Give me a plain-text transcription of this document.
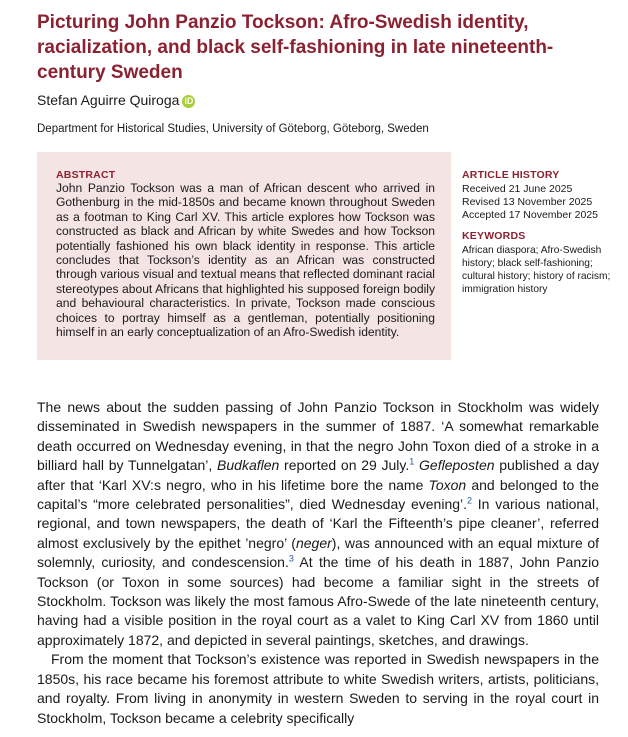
Picturing John Panzio Tockson: Afro-Swedish identity, racialization, and black self-fashioning in late nineteenth-century Sweden
Stefan Aguirre Quiroga iD
Department for Historical Studies, University of Göteborg, Göteborg, Sweden
ABSTRACT

John Panzio Tockson was a man of African descent who arrived in Gothenburg in the mid-1850s and became known throughout Sweden as a footman to King Carl XV. This article explores how Tockson was constructed as black and African by white Swedes and how Tockson potentially fashioned his own black identity in response. This article concludes that Tockson’s identity as an African was constructed through various visual and textual means that reflected dominant racial stereotypes about Africans that highlighted his supposed foreign bodily and behavioural characteristics. In private, Tockson made conscious choices to portray himself as a gentleman, potentially positioning himself in an early conceptualization of an Afro-Swedish identity.

ARTICLE HISTORY
Received 21 June 2025
Revised 13 November 2025
Accepted 17 November 2025
KEYWORDS
African diaspora; Afro-Swedish history; black self-fashioning; cultural history; history of racism; immigration history

The news about the sudden passing of John Panzio Tockson in Stockholm was widely disseminated in Swedish newspapers in the summer of 1887. ‘A somewhat remarkable death occurred on Wednesday evening, in that the negro John Toxon died of a stroke in a billiard hall by Tunnelgatan’, Budkaflen reported on 29 July.$^1$ Gefleposten published a day after that ‘Karl XV:s negro, who in his lifetime bore the name Toxon and belonged to the capital’s “more celebrated personalities”, died Wednesday evening’.$^2$ In various national, regional, and town newspapers, the death of ‘Karl the Fifteenth’s pipe cleaner’, referred almost exclusively by the epithet ’negro’ (neger), was announced with an equal mixture of solemnly, curiosity, and condescension.$^3$ At the time of his death in 1887, John Panzio Tockson (or Toxon in some sources) had become a familiar sight in the streets of Stockholm. Tockson was likely the most famous Afro-Swede of the late nineteenth century, having had a visible position in the royal court as a valet to King Carl XV from 1860 until approximately 1872, and depicted in several paintings, sketches, and drawings.

From the moment that Tockson’s existence was reported in Swedish newspapers in the 1850s, his race became his foremost attribute to white Swedish writers, artists, politicians, and royalty. From living in anonymity in western Sweden to serving in the royal court in Stockholm, Tockson became a celebrity specifically
